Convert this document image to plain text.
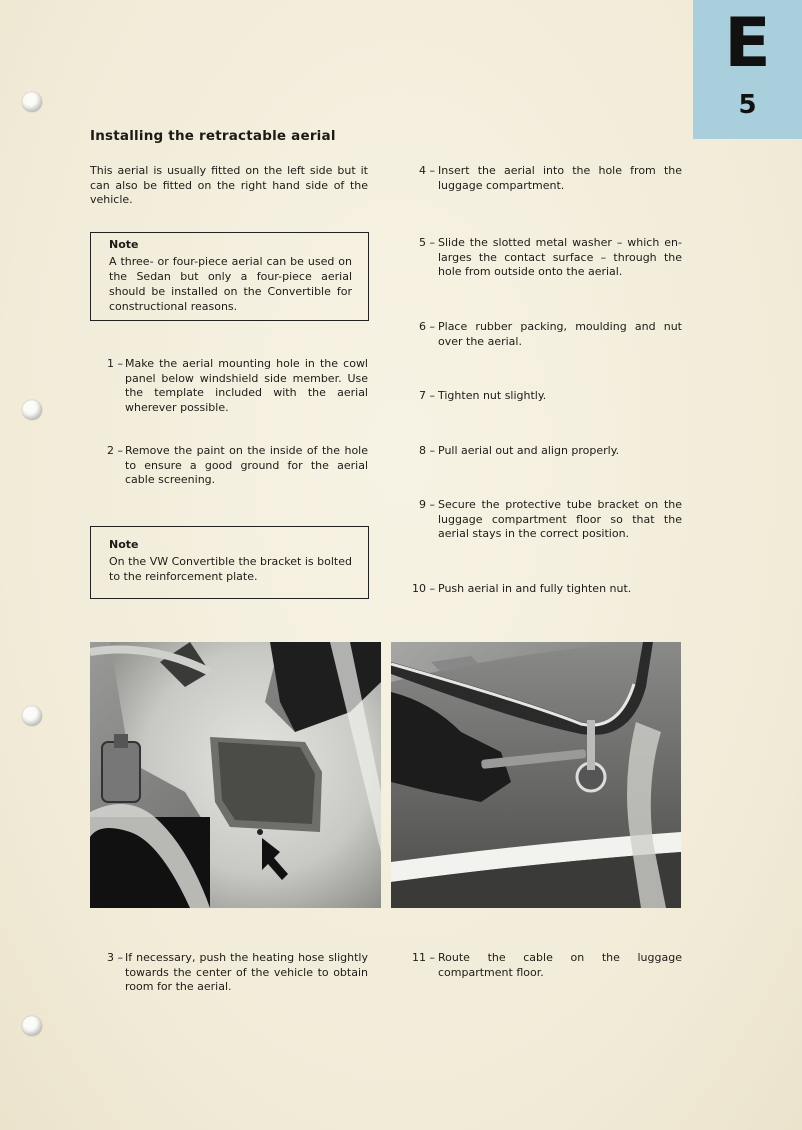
E
5
Installing the retractable aerial
This aerial is usually fitted on the left side but it can also be fitted on the right hand side of the vehicle.
Note
A three- or four-piece aerial can be used on the Sedan but only a four-piece aerial should be installed on the Convertible for constructional reasons.
1 – Make the aerial mounting hole in the cowl panel below windshield side member. Use the template included with the aerial wherever possible.
2 – Remove the paint on the inside of the hole to ensure a good ground for the aerial cable screening.
Note
On the VW Convertible the bracket is bolted to the reinforcement plate.
4 – Insert the aerial into the hole from the luggage compartment.
5 – Slide the slotted metal washer – which enlarges the contact surface – through the hole from outside onto the aerial.
6 – Place rubber packing, moulding and nut over the aerial.
7 – Tighten nut slightly.
8 – Pull aerial out and align properly.
9 – Secure the protective tube bracket on the luggage compartment floor so that the aerial stays in the correct position.
10 – Push aerial in and fully tighten nut.
3 – If necessary, push the heating hose slightly towards the center of the vehicle to obtain room for the aerial.
11 – Route the cable on the luggage compartment floor.
